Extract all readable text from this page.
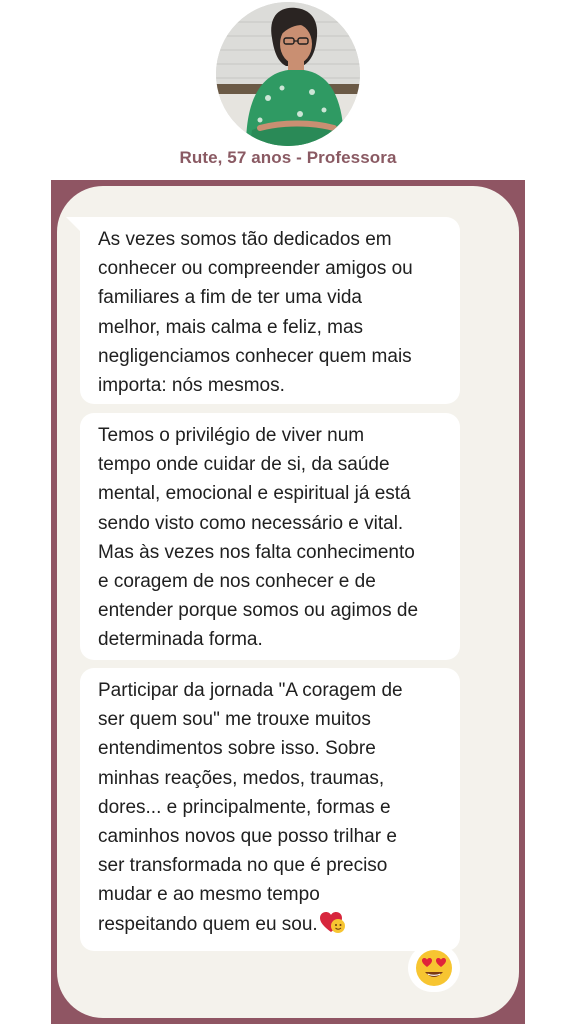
Rute, 57 anos - Professora
As vezes somos tão dedicados em
conhecer ou compreender amigos ou
familiares a fim de ter uma vida
melhor, mais calma e feliz, mas
negligenciamos conhecer quem mais
importa: nós mesmos.
Temos o privilégio de viver num
tempo onde cuidar de si, da saúde
mental, emocional e espiritual já está
sendo visto como necessário e vital.
Mas às vezes nos falta conhecimento
e coragem de nos conhecer e de
entender porque somos ou agimos de
determinada forma.
Participar da jornada "A coragem de
ser quem sou" me trouxe muitos
entendimentos sobre isso. Sobre
minhas reações, medos, traumas,
dores... e principalmente, formas e
caminhos novos que posso trilhar e
ser transformada no que é preciso
mudar e ao mesmo tempo
respeitando quem eu sou.
